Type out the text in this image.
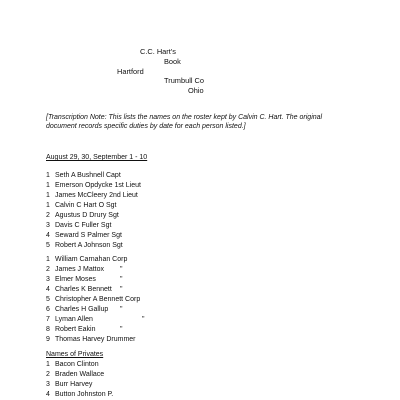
C.C. Hart's
Book
Hartford
Trumbull Co
Ohio
[Transcription Note: This lists the names on the roster kept by Calvin C. Hart. The original document records specific duties by date for each person listed.]
August 29, 30, September 1 - 10
1 Seth A Bushnell Capt
1 Emerson Opdycke 1st Lieut
1 James McCleery 2nd Lieut
1 Calvin C Hart O Sgt
2 Agustus D Drury Sgt
3 Davis C Fuller Sgt
4 Seward S Palmer Sgt
5 Robert A Johnson Sgt
1 William Carnahan Corp
2 James J Mattox "
3 Elmer Moses	"
4 Charles K Bennett "
5 Christopher A Bennett Corp
6 Charles H Gallup "
7 Lyman Allen	"
8 Robert Eakin	"
9 Thomas Harvey Drummer
Names of Privates
1 Bacon Clinton
2 Braden Wallace
3 Burr Harvey
4 Button Johnston P.
